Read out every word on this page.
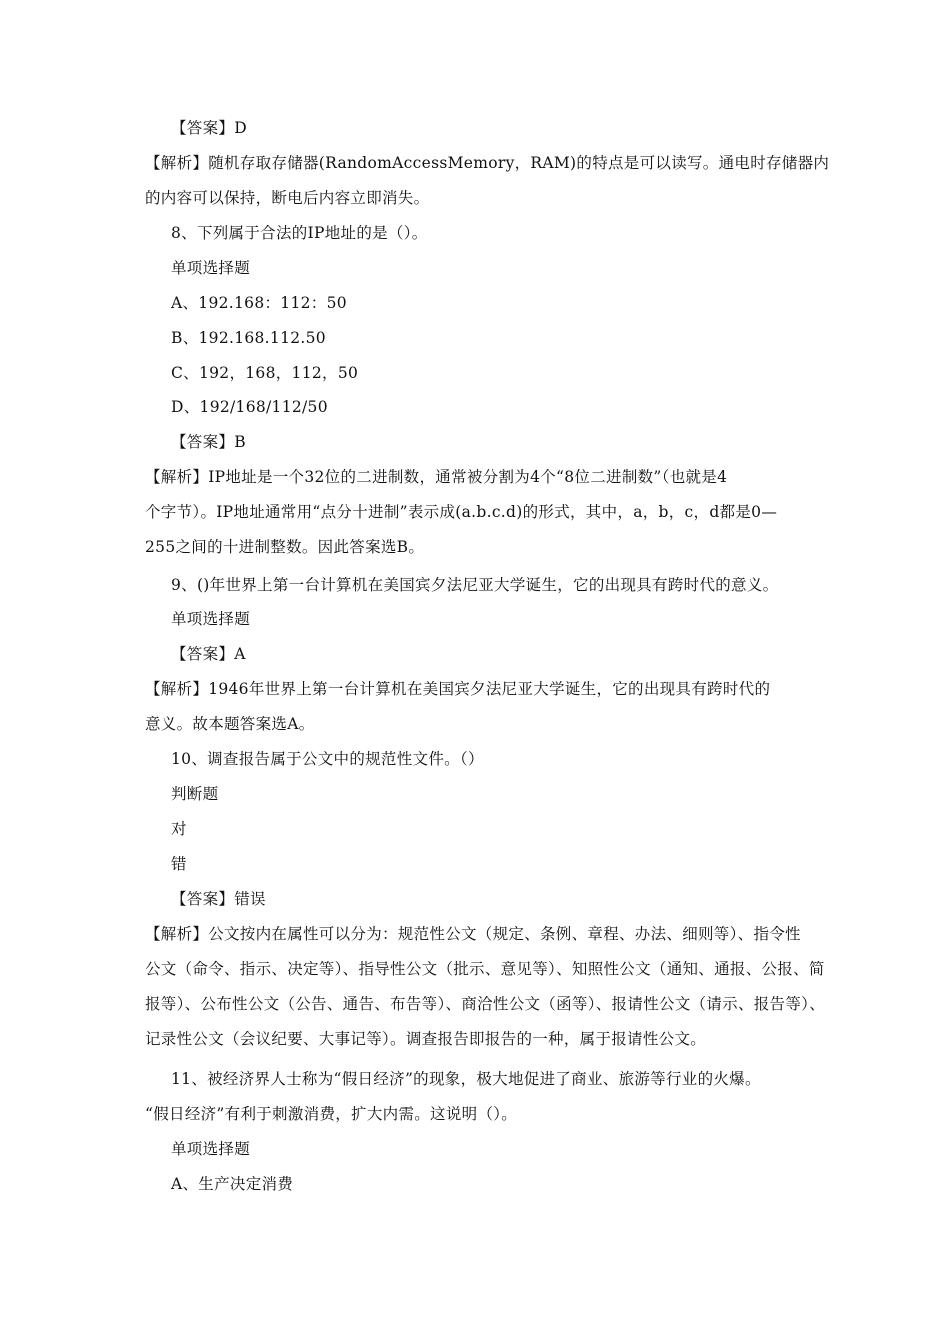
【答案】D
【解析】随机存取存储器(RandomAccessMemory，RAM)的特点是可以读写。通电时存储器内
的内容可以保持，断电后内容立即消失。
8、下列属于合法的IP地址的是（）。
单项选择题
A、192.168：112：50
B、192.168.112.50
C、192，168，112，50
D、192/168/112/50
【答案】B
【解析】IP地址是一个32位的二进制数，通常被分割为4个“8位二进制数”（也就是4
个字节）。IP地址通常用“点分十进制”表示成(a.b.c.d)的形式，其中，a，b，c，d都是0—
255之间的十进制整数。因此答案选B。
9、()年世界上第一台计算机在美国宾夕法尼亚大学诞生，它的出现具有跨时代的意义。
单项选择题
【答案】A
【解析】1946年世界上第一台计算机在美国宾夕法尼亚大学诞生，它的出现具有跨时代的
意义。故本题答案选A。
10、调查报告属于公文中的规范性文件。（）
判断题
对
错
【答案】错误
【解析】公文按内在属性可以分为：规范性公文（规定、条例、章程、办法、细则等）、指令性
公文（命令、指示、决定等）、指导性公文（批示、意见等）、知照性公文（通知、通报、公报、简
报等）、公布性公文（公告、通告、布告等）、商洽性公文（函等）、报请性公文（请示、报告等）、
记录性公文（会议纪要、大事记等）。调查报告即报告的一种，属于报请性公文。
11、被经济界人士称为“假日经济”的现象，极大地促进了商业、旅游等行业的火爆。
“假日经济”有利于刺激消费，扩大内需。这说明（）。
单项选择题
A、生产决定消费
